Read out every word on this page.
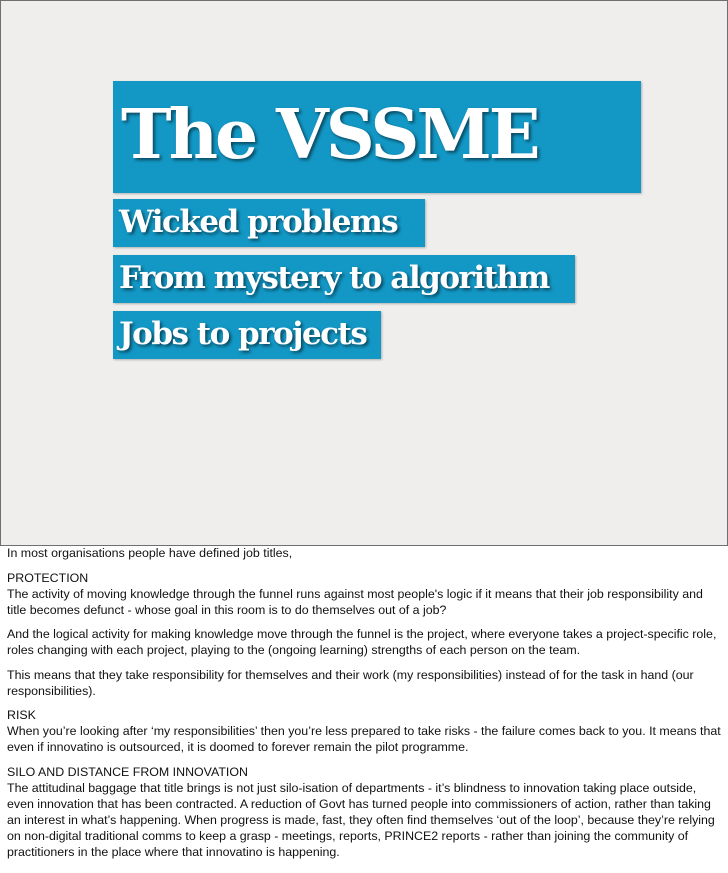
The VSSME
Wicked problems
From mystery to algorithm
Jobs to projects

In most organisations people have defined job titles,

PROTECTION
The activity of moving knowledge through the funnel runs against most people's logic if it means that their job responsibility and title becomes defunct - whose goal in this room is to do themselves out of a job?

And the logical activity for making knowledge move through the funnel is the project, where everyone takes a project-specific role, roles changing with each project, playing to the (ongoing learning) strengths of each person on the team.

This means that they take responsibility for themselves and their work (my responsibilities) instead of for the task in hand (our responsibilities).

RISK
When you’re looking after ‘my responsibilities’ then you’re less prepared to take risks - the failure comes back to you. It means that even if innovatino is outsourced, it is doomed to forever remain the pilot programme.

SILO AND DISTANCE FROM INNOVATION
The attitudinal baggage that title brings is not just silo-isation of departments - it’s blindness to innovation taking place outside, even innovation that has been contracted. A reduction of Govt has turned people into commissioners of action, rather than taking an interest in what’s happening. When progress is made, fast, they often find themselves ‘out of the loop’, because they’re relying on non-digital traditional comms to keep a grasp - meetings, reports, PRINCE2 reports - rather than joining the community of practitioners in the place where that innovatino is happening.
